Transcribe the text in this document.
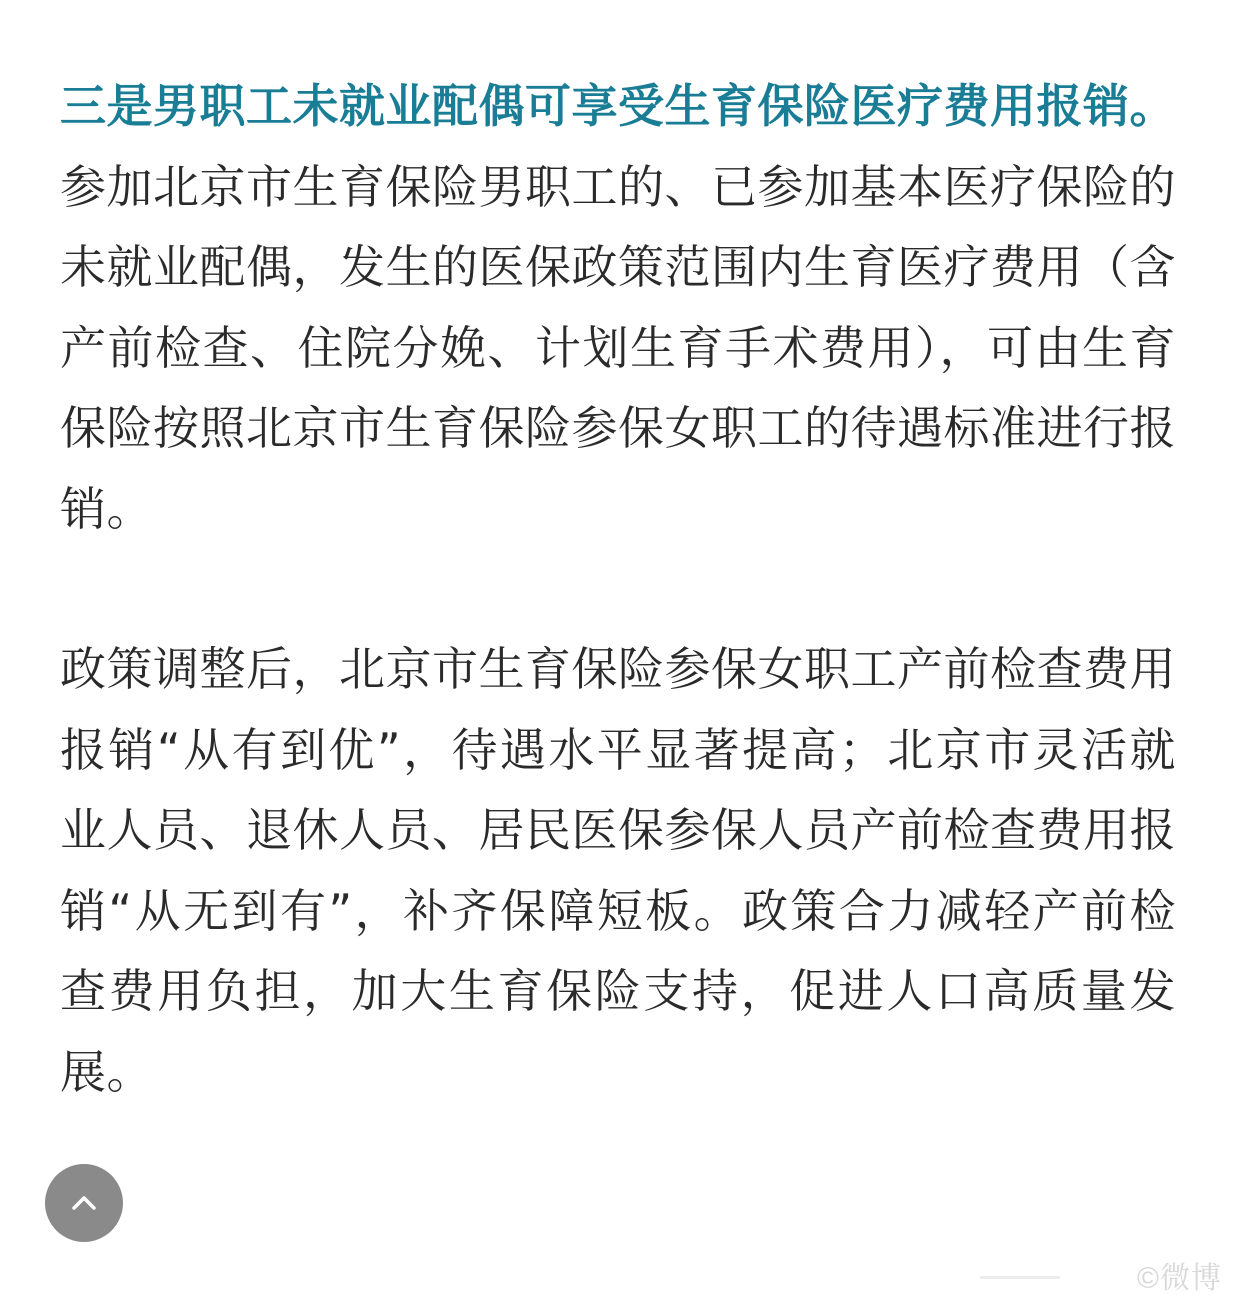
三是男职工未就业配偶可享受生育保险医疗费用报销。参加北京市生育保险男职工的、已参加基本医疗保险的未就业配偶，发生的医保政策范围内生育医疗费用（含产前检查、住院分娩、计划生育手术费用），可由生育保险按照北京市生育保险参保女职工的待遇标准进行报销。

政策调整后，北京市生育保险参保女职工产前检查费用报销“从有到优”，待遇水平显著提高；北京市灵活就业人员、退休人员、居民医保参保人员产前检查费用报销“从无到有”，补齐保障短板。政策合力减轻产前检查费用负担，加大生育保险支持，促进人口高质量发展。

©微博
